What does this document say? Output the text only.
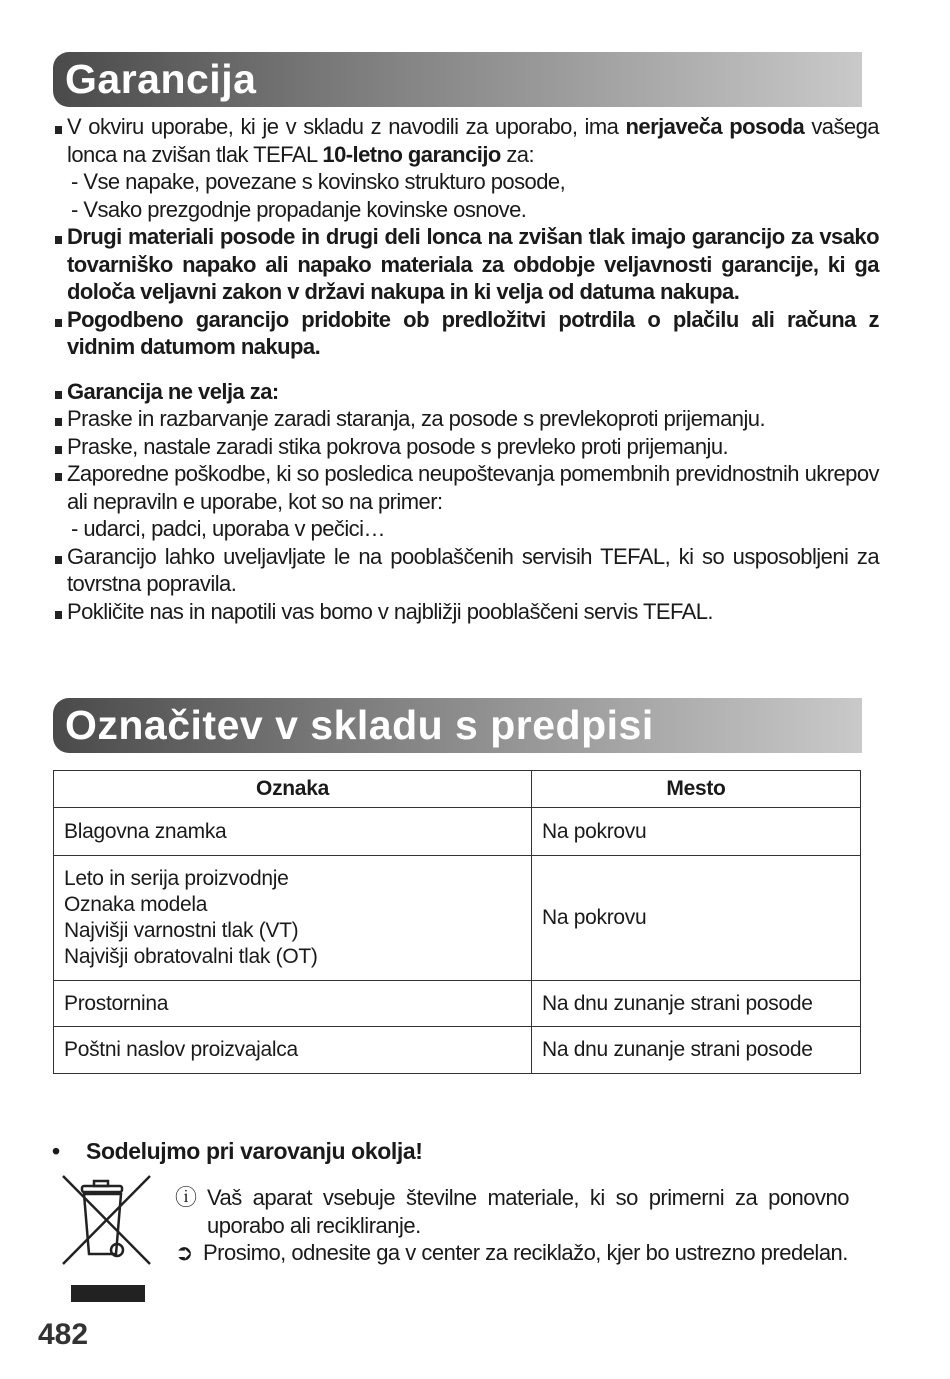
Garancija

V okviru uporabe, ki je v skladu z navodili za uporabo, ima nerjaveča posoda vašega lonca na zvišan tlak TEFAL 10-letno garancijo za:

- Vse napake, povezane s kovinsko strukturo posode,

- Vsako prezgodnje propadanje kovinske osnove.

Drugi materiali posode in drugi deli lonca na zvišan tlak imajo garancijo za vsako tovarniško napako ali napako materiala za obdobje veljavnosti garancije, ki ga določa veljavni zakon v državi nakupa in ki velja od datuma nakupa.

Pogodbeno garancijo pridobite ob predložitvi potrdila o plačilu ali računa z vidnim datumom nakupa.

Garancija ne velja za:

Praske in razbarvanje zaradi staranja, za posode s prevlekoproti prijemanju.

Praske, nastale zaradi stika pokrova posode s prevleko proti prijemanju.

Zaporedne poškodbe, ki so posledica neupoštevanja pomembnih previdnostnih ukrepov ali nepraviln e uporabe, kot so na primer:

- udarci, padci, uporaba v pečici…

Garancijo lahko uveljavljate le na pooblaščenih servisih TEFAL, ki so usposobljeni za tovrstna popravila.

Pokličite nas in napotili vas bomo v najbližji pooblaščeni servis TEFAL.

Označitev v skladu s predpisi
Oznaka	Mesto
Blagovna znamka	Na pokrovu

Leto in serija proizvodnje
Oznaka modela
Najvišji varnostni tlak (VT)
Najvišji obratovalni tlak (OT)	Na pokrovu
Prostornina	Na dnu zunanje strani posode
Poštni naslov proizvajalca	Na dnu zunanje strani posode
• Sodelujmo pri varovanju okolja!

ⓘ Vaš aparat vsebuje številne materiale, ki so primerni za ponovno uporabo ali recikliranje.

➲ Prosimo, odnesite ga v center za reciklažo, kjer bo ustrezno predelan.

482
